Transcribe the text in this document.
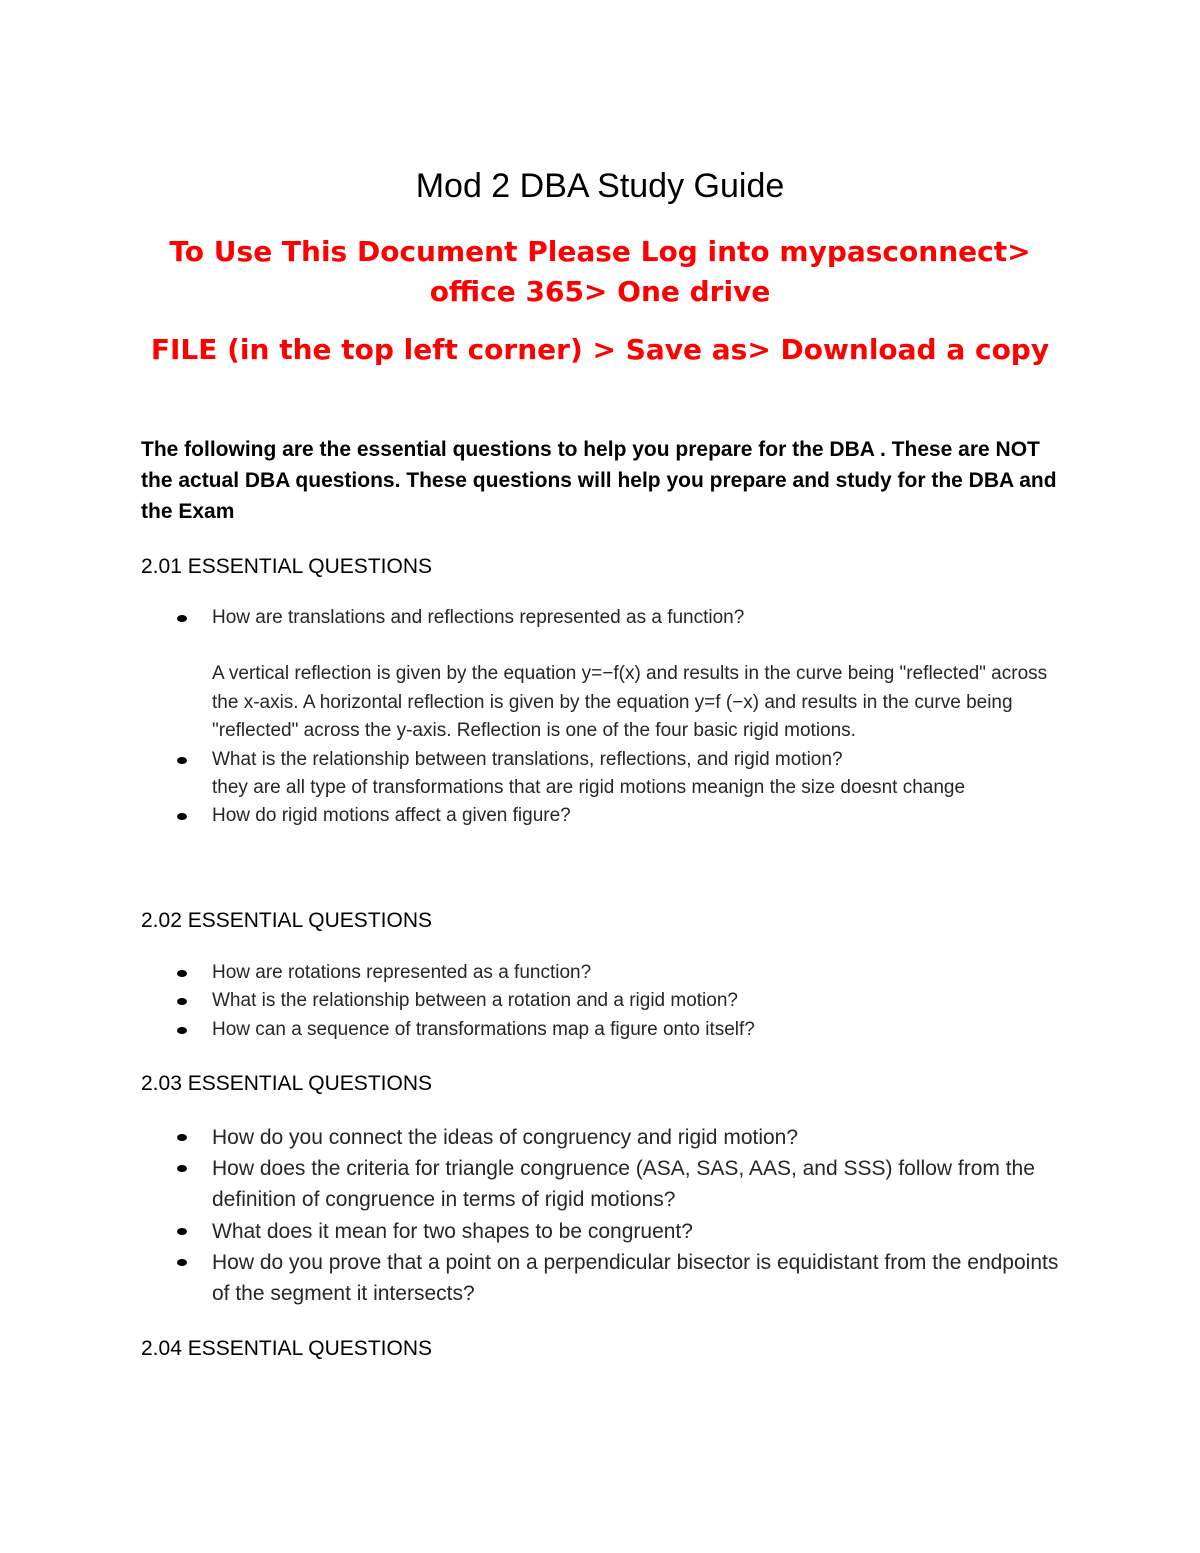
Mod 2 DBA Study Guide

To Use This Document Please Log into mypasconnect> office 365> One drive

FILE (in the top left corner) > Save as> Download a copy

The following are the essential questions to help you prepare for the DBA . These are NOT the actual DBA questions. These questions will help you prepare and study for the DBA and the Exam

2.01 ESSENTIAL QUESTIONS
How are translations and reflections represented as a function?
A vertical reflection is given by the equation y=−f(x) and results in the curve being "reflected" across the x-axis. A horizontal reflection is given by the equation y=f (−x) and results in the curve being "reflected" across the y-axis. Reflection is one of the four basic rigid motions.
What is the relationship between translations, reflections, and rigid motion?
they are all type of transformations that are rigid motions meanign the size doesnt change
How do rigid motions affect a given figure?
2.02 ESSENTIAL QUESTIONS
How are rotations represented as a function?
What is the relationship between a rotation and a rigid motion?
How can a sequence of transformations map a figure onto itself?
2.03 ESSENTIAL QUESTIONS
How do you connect the ideas of congruency and rigid motion?
How does the criteria for triangle congruence (ASA, SAS, AAS, and SSS) follow from the definition of congruence in terms of rigid motions?
What does it mean for two shapes to be congruent?
How do you prove that a point on a perpendicular bisector is equidistant from the endpoints of the segment it intersects?
2.04 ESSENTIAL QUESTIONS
